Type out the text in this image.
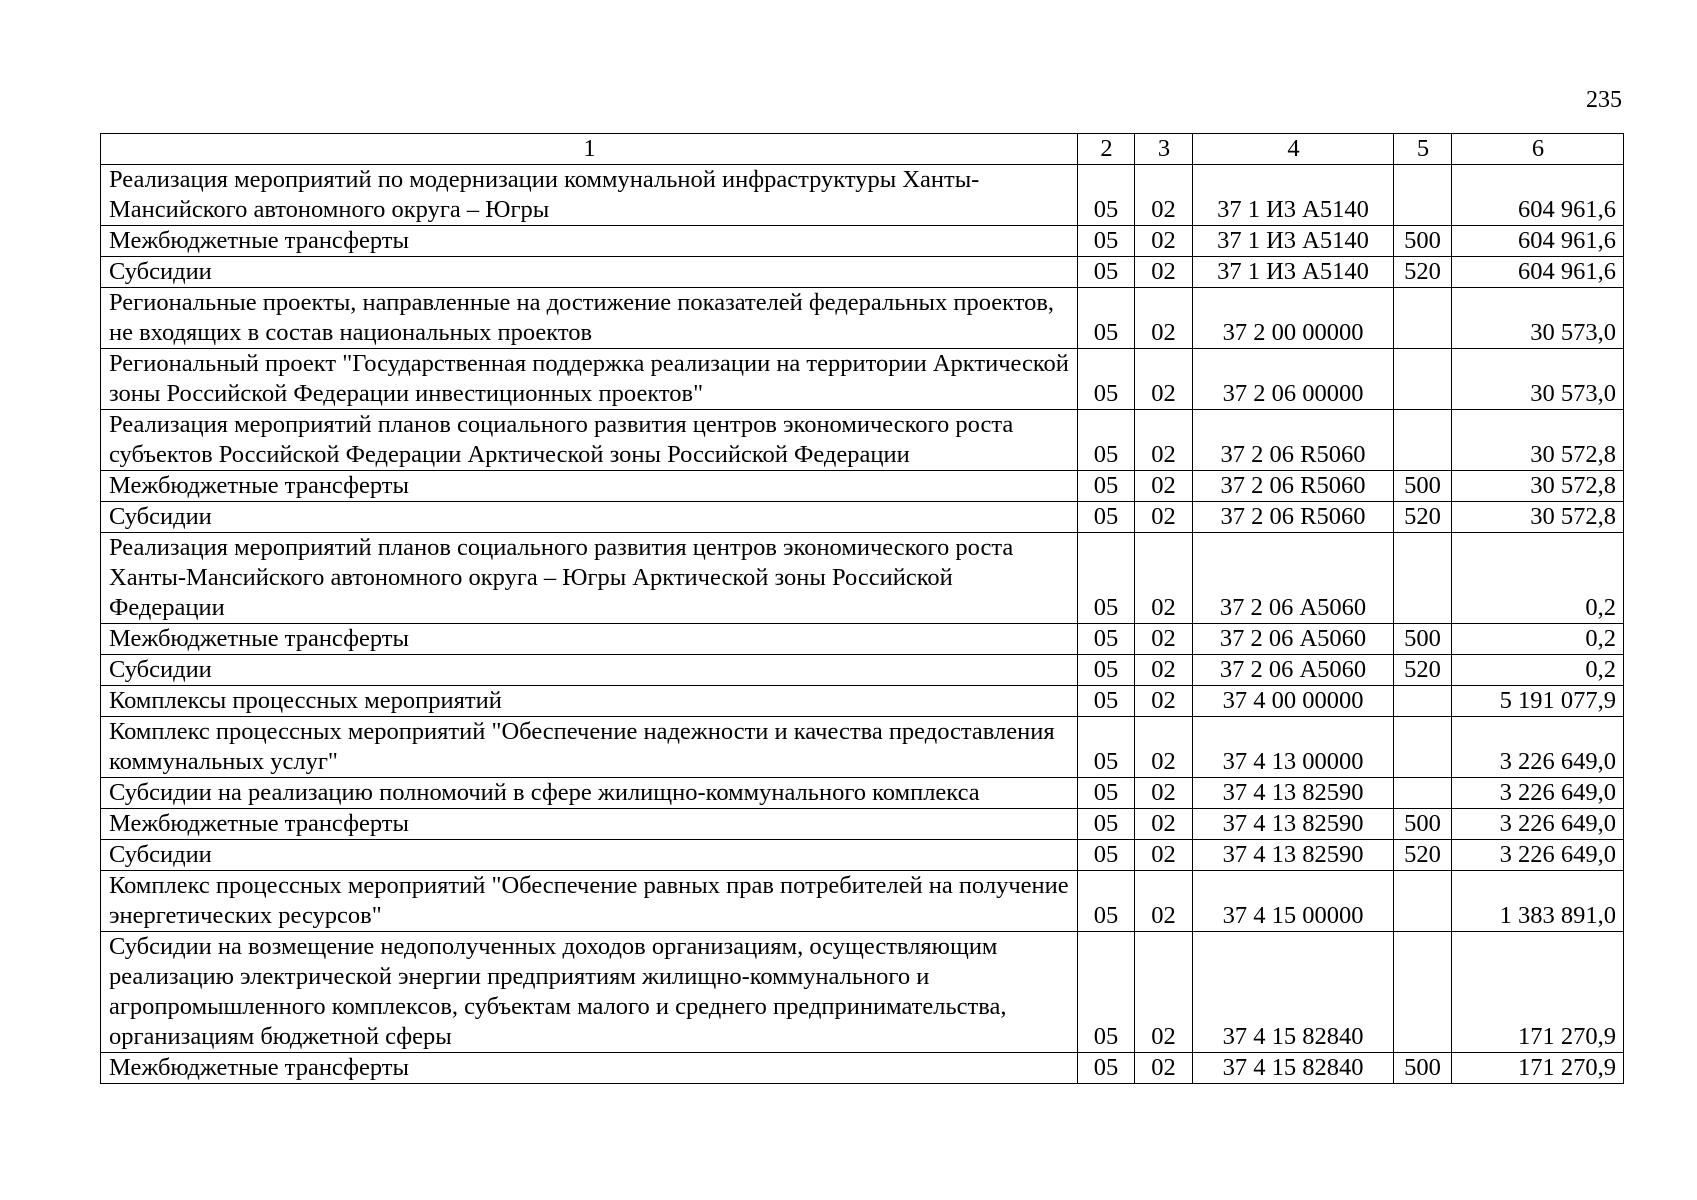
235
1	2	3	4	5	6
Реализация мероприятий по модернизации коммунальной инфраструктуры Ханты-Мансийского автономного округа – Югры	05	02	37 1 И3 А5140		604 961,6
Межбюджетные трансферты	05	02	37 1 И3 А5140	500	604 961,6
Субсидии	05	02	37 1 И3 А5140	520	604 961,6
Региональные проекты, направленные на достижение показателей федеральных проектов, не входящих в состав национальных проектов	05	02	37 2 00 00000		30 573,0
Региональный проект "Государственная поддержка реализации на территории Арктической зоны Российской Федерации инвестиционных проектов"	05	02	37 2 06 00000		30 573,0
Реализация мероприятий планов социального развития центров экономического роста субъектов Российской Федерации Арктической зоны Российской Федерации	05	02	37 2 06 R5060		30 572,8
Межбюджетные трансферты	05	02	37 2 06 R5060	500	30 572,8
Субсидии	05	02	37 2 06 R5060	520	30 572,8
Реализация мероприятий планов социального развития центров экономического роста Ханты-Мансийского автономного округа – Югры Арктической зоны Российской Федерации	05	02	37 2 06 А5060		0,2
Межбюджетные трансферты	05	02	37 2 06 А5060	500	0,2
Субсидии	05	02	37 2 06 А5060	520	0,2
Комплексы процессных мероприятий	05	02	37 4 00 00000		5 191 077,9
Комплекс процессных мероприятий "Обеспечение надежности и качества предоставления коммунальных услуг"	05	02	37 4 13 00000		3 226 649,0
Субсидии на реализацию полномочий в сфере жилищно-коммунального комплекса	05	02	37 4 13 82590		3 226 649,0
Межбюджетные трансферты	05	02	37 4 13 82590	500	3 226 649,0
Субсидии	05	02	37 4 13 82590	520	3 226 649,0
Комплекс процессных мероприятий "Обеспечение равных прав потребителей на получение энергетических ресурсов"	05	02	37 4 15 00000		1 383 891,0
Субсидии на возмещение недополученных доходов организациям, осуществляющим реализацию электрической энергии предприятиям жилищно-коммунального и агропромышленного комплексов, субъектам малого и среднего предпринимательства, организациям бюджетной сферы	05	02	37 4 15 82840		171 270,9
Межбюджетные трансферты	05	02	37 4 15 82840	500	171 270,9
